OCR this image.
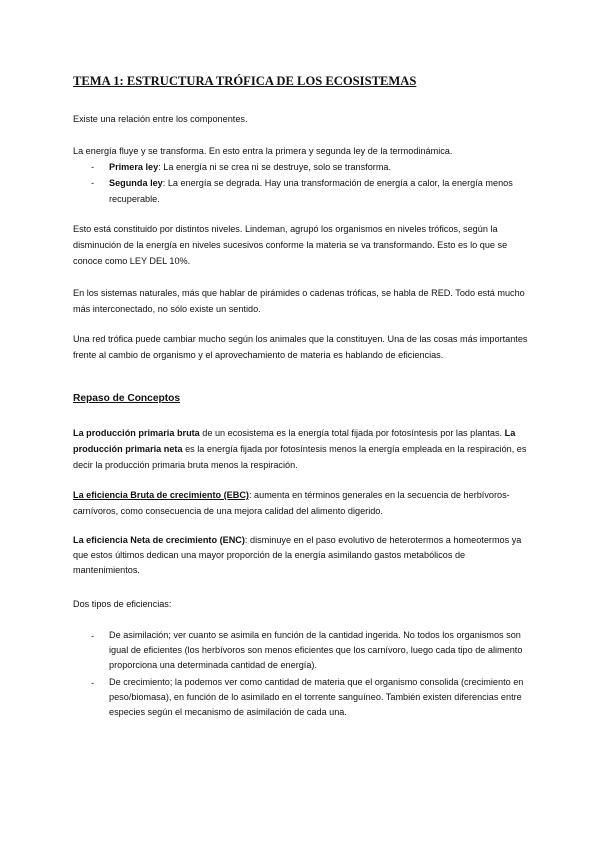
TEMA 1: ESTRUCTURA TRÓFICA DE LOS ECOSISTEMAS

Existe una relación entre los componentes.

La energía fluye y se transforma. En esto entra la primera y segunda ley de la termodinámica.

- Primera ley: La energía ni se crea ni se destruye, solo se transforma.
- Segunda ley: La energía se degrada. Hay una transformación de energía a calor, la energía menos recuperable.

Esto está constituido por distintos niveles. Lindeman, agrupó los organismos en niveles tróficos, según la disminución de la energía en niveles sucesivos conforme la materia se va transformando. Esto es lo que se conoce como LEY DEL 10%.

En los sistemas naturales, más que hablar de pirámides o cadenas tróficas, se habla de RED. Todo está mucho más interconectado, no sólo existe un sentido.

Una red trófica puede cambiar mucho según los animales que la constituyen. Una de las cosas más importantes frente al cambio de organismo y el aprovechamiento de materia es hablando de eficiencias.

Repaso de Conceptos

La producción primaria bruta de un ecosistema es la energía total fijada por fotosíntesis por las plantas. La producción primaria neta es la energía fijada por fotosíntesis menos la energía empleada en la respiración, es decir la producción primaria bruta menos la respiración.

La eficiencia Bruta de crecimiento (EBC): aumenta en términos generales en la secuencia de herbívoros-carnívoros, como consecuencia de una mejora calidad del alimento digerido.

La eficiencia Neta de crecimiento (ENC): disminuye en el paso evolutivo de heterotermos a homeotermos ya que estos últimos dedican una mayor proporción de la energía asimilando gastos metabólicos de mantenimientos.

Dos tipos de eficiencias:

- De asimilación; ver cuanto se asimila en función de la cantidad ingerida. No todos los organismos son igual de eficientes (los herbívoros son menos eficientes que los carnívoro, luego cada tipo de alimento proporciona una determinada cantidad de energía).
- De crecimiento; la podemos ver como cantidad de materia que el organismo consolida (crecimiento en peso/biomasa), en función de lo asimilado en el torrente sanguíneo. También existen diferencias entre especies según el mecanismo de asimilación de cada una.
